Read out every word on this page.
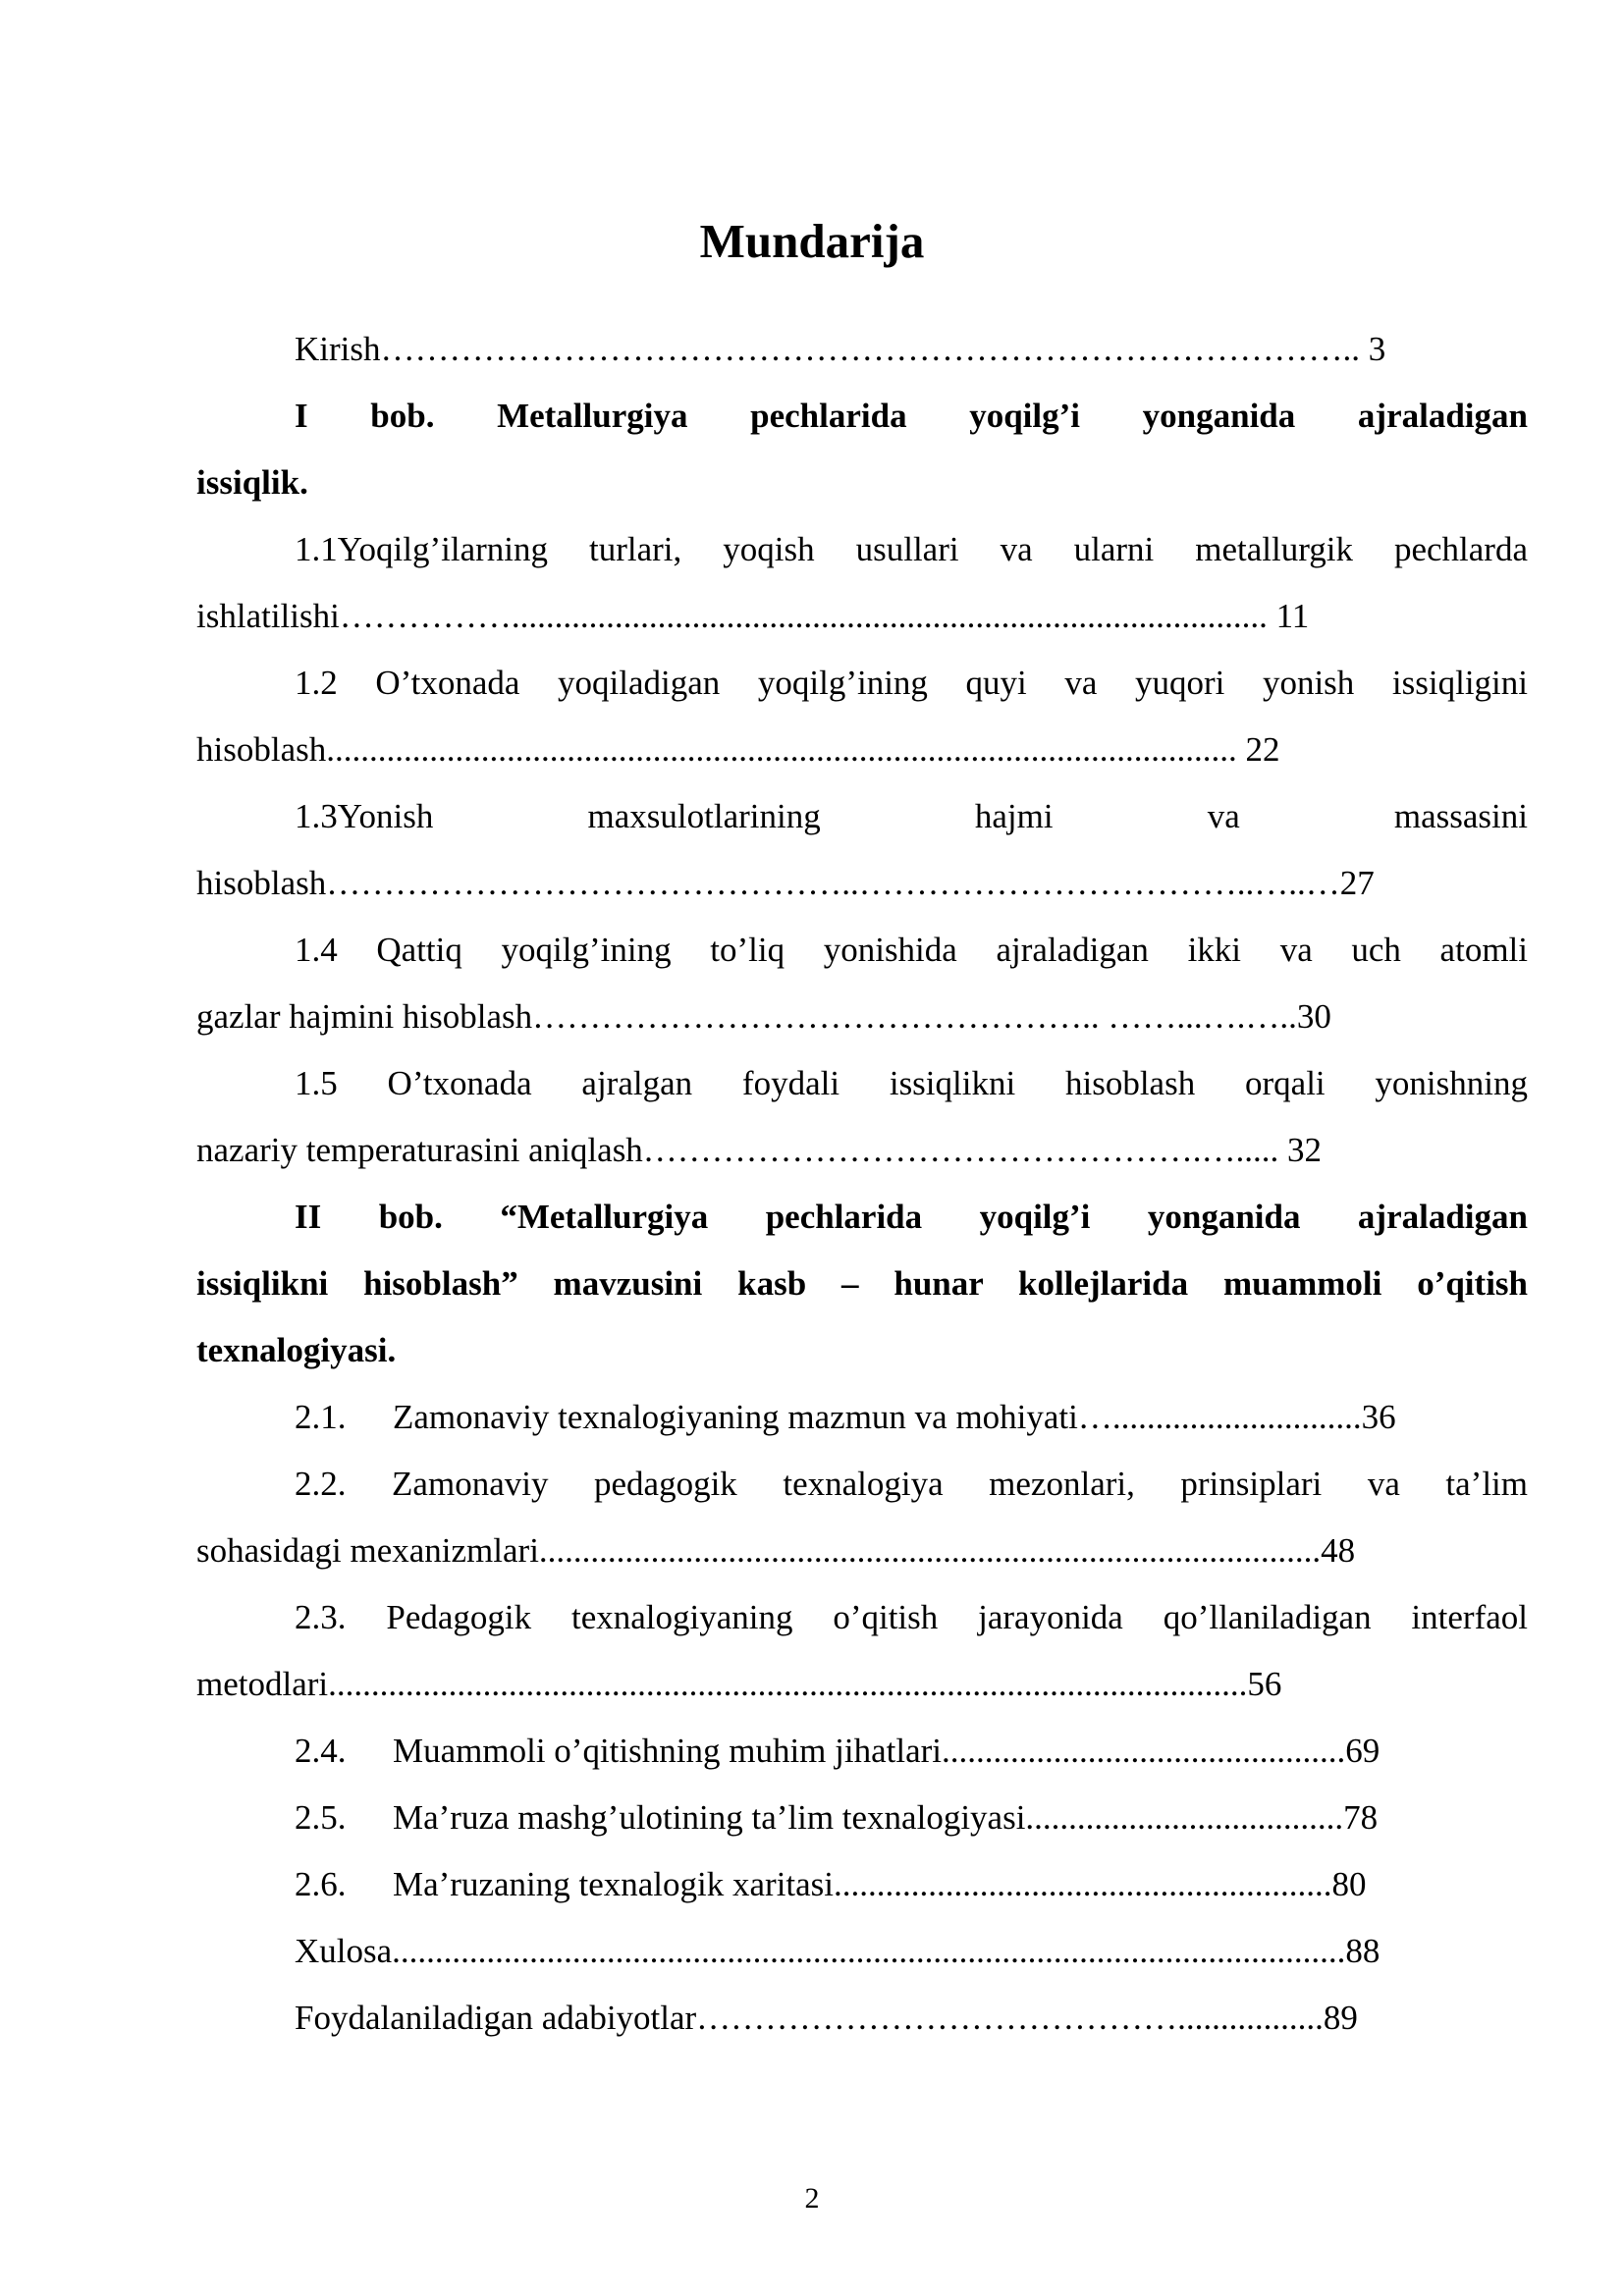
Mundarija
Kirish………………………………………………………………………….. 3
I bob. Metallurgiya pechlarida yoqilg’i yonganida ajraladigan
issiqlik.
1.1Yoqilg’ilarning turlari, yoqish usullari va ularni metallurgik pechlarda
ishlatilishi……………........................................................................................ 11
1.2 O’txonada yoqiladigan yoqilg’ining quyi va yuqori yonish issiqligini
hisoblash.......................................................................................................... 22
1.3Yonish maxsulotlarining hajmi va massasini
hisoblash………………………………………..……………………………..…..…27
1.4 Qattiq yoqilg’ining to’liq yonishida ajraladigan ikki va uch atomli
gazlar hajmini hisoblash………………………………………….. ……...….…..30
1.5 O’txonada ajralgan foydali issiqlikni hisoblash orqali yonishning
nazariy temperaturasini aniqlash………………………………………….…..... 32
II bob. “Metallurgiya pechlarida yoqilg’i yonganida ajraladigan
issiqlikni hisoblash” mavzusini kasb – hunar kollejlarida muammoli o’qitish
texnalogiyasi.
2.1. Zamonaviy texnalogiyaning mazmun va mohiyati….............................36
2.2. Zamonaviy pedagogik texnalogiya mezonlari, prinsiplari va ta’lim
sohasidagi mexanizmlari...........................................................................................48
2.3. Pedagogik texnalogiyaning o’qitish jarayonida qo’llaniladigan interfaol
metodlari...........................................................................................................56
2.4. Muammoli o’qitishning muhim jihatlari...............................................69
2.5. Ma’ruza mashg’ulotining ta’lim texnalogiyasi.....................................78
2.6. Ma’ruzaning texnalogik xaritasi..........................................................80
Xulosa...............................................................................................................88
Foydalaniladigan adabiyotlar…………………………………….................89
2
